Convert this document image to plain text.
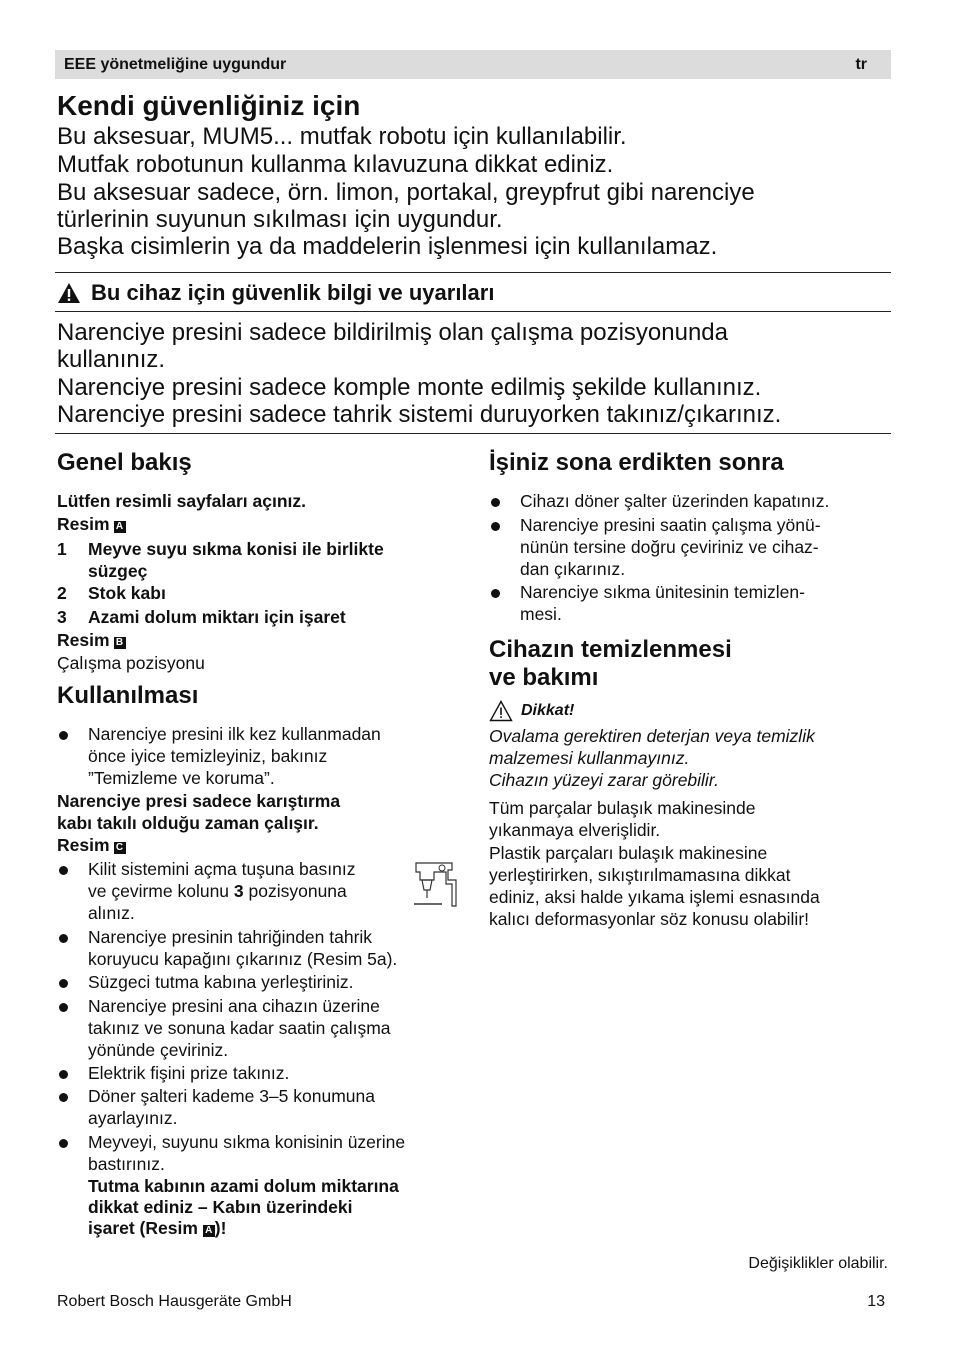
EEE yönetmeliğine uygundur	tr
Kendi güvenliğiniz için
Bu aksesuar, MUM5... mutfak robotu için kullanılabilir.
Mutfak robotunun kullanma kılavuzuna dikkat ediniz.
Bu aksesuar sadece, örn. limon, portakal, greypfrut gibi narenciye
türlerinin suyunun sıkılması için uygundur.
Başka cisimlerin ya da maddelerin işlenmesi için kullanılamaz.
Bu cihaz için güvenlik bilgi ve uyarıları
Narenciye presini sadece bildirilmiş olan çalışma pozisyonunda
kullanınız.
Narenciye presini sadece komple monte edilmiş şekilde kullanınız.
Narenciye presini sadece tahrik sistemi duruyorken takınız/çıkarınız.
Genel bakış
Lütfen resimli sayfaları açınız.
Resim A
1 Meyve suyu sıkma konisi ile birlikte
süzgeç
2 Stok kabı
3 Azami dolum miktarı için işaret
Resim B
Çalışma pozisyonu
Kullanılması
Narenciye presini ilk kez kullanmadan
önce iyice temizleyiniz, bakınız
”Temizleme ve koruma”.
Narenciye presi sadece karıştırma
kabı takılı olduğu zaman çalışır.
Resim C
Kilit sistemini açma tuşuna basınız
ve çevirme kolunu 3 pozisyonuna
alınız.
Narenciye presinin tahriğinden tahrik
koruyucu kapağını çıkarınız (Resim 5a).
Süzgeci tutma kabına yerleştiriniz.
Narenciye presini ana cihazın üzerine
takınız ve sonuna kadar saatin çalışma
yönünde çeviriniz.
Elektrik fişini prize takınız.
Döner şalteri kademe 3–5 konumuna
ayarlayınız.
Meyveyi, suyunu sıkma konisinin üzerine
bastırınız.
Tutma kabının azami dolum miktarına
dikkat ediniz – Kabın üzerindeki
işaret (Resim A )!
İşiniz sona erdikten sonra
Cihazı döner şalter üzerinden kapatınız.
Narenciye presini saatin çalışma yönü-
nünün tersine doğru çeviriniz ve cihaz-
dan çıkarınız.
Narenciye sıkma ünitesinin temizlen-
mesi.
Cihazın temizlenmesi
ve bakımı
Dikkat!
Ovalama gerektiren deterjan veya temizlik
malzemesi kullanmayınız.
Cihazın yüzeyi zarar görebilir.
Tüm parçalar bulaşık makinesinde
yıkanmaya elverişlidir.
Plastik parçaları bulaşık makinesine
yerleştirirken, sıkıştırılmamasına dikkat
ediniz, aksi halde yıkama işlemi esnasında
kalıcı deformasyonlar söz konusu olabilir!
Değişiklikler olabilir.
Robert Bosch Hausgeräte GmbH	13
